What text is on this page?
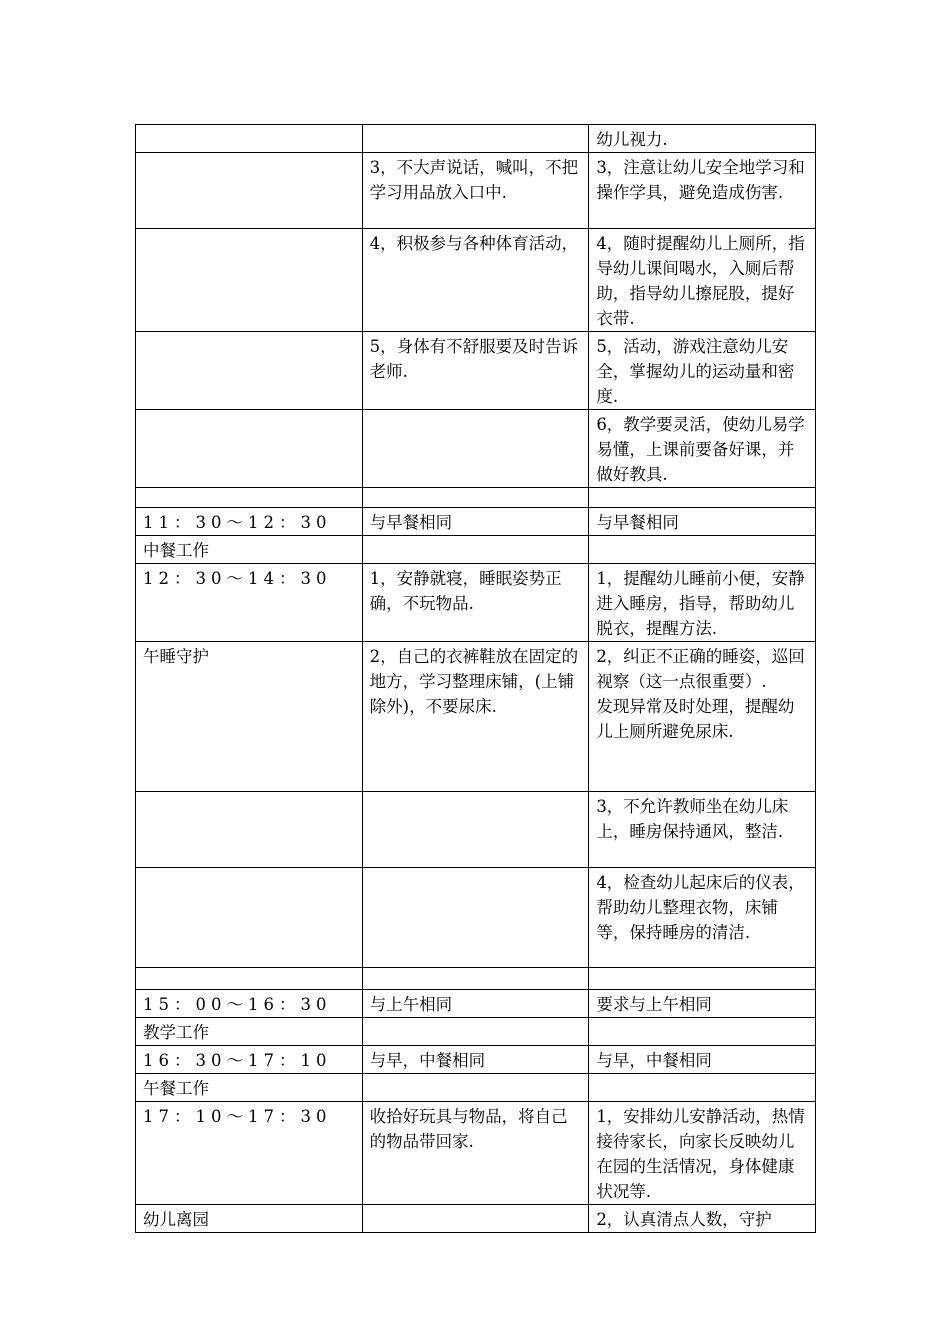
		幼儿视力.
	3，不大声说话，喊叫，不把学习用品放入口中.	3，注意让幼儿安全地学习和操作学具，避免造成伤害.
	4，积极参与各种体育活动，	4，随时提醒幼儿上厕所，指导幼儿课间喝水，入厕后帮助，指导幼儿擦屁股，提好衣带.
	5，身体有不舒服要及时告诉老师.	5，活动，游戏注意幼儿安全，掌握幼儿的运动量和密度.
		6，教学要灵活，使幼儿易学易懂，上课前要备好课，并做好教具.

11：30～12：30	与早餐相同	与早餐相同
中餐工作		
12：30～14：30	1，安静就寝，睡眠姿势正确，不玩物品.	1，提醒幼儿睡前小便，安静进入睡房，指导，帮助幼儿脱衣，提醒方法.
午睡守护	2，自己的衣裤鞋放在固定的地方，学习整理床铺，(上铺除外)，不要尿床.	2，纠正不正确的睡姿，巡回视察（这一点很重要）.
发现异常及时处理，提醒幼儿上厕所避免尿床.
		3，不允许教师坐在幼儿床上，睡房保持通风，整洁.
		4，检查幼儿起床后的仪表，帮助幼儿整理衣物，床铺等，保持睡房的清洁.

15：00～16：30	与上午相同	要求与上午相同
教学工作		
16：30～17：10	与早，中餐相同	与早，中餐相同
午餐工作		
17：10～17：30	收拾好玩具与物品，将自己的物品带回家.	1，安排幼儿安静活动，热情接待家长，向家长反映幼儿在园的生活情况，身体健康状况等.
幼儿离园		2，认真清点人数，守护
